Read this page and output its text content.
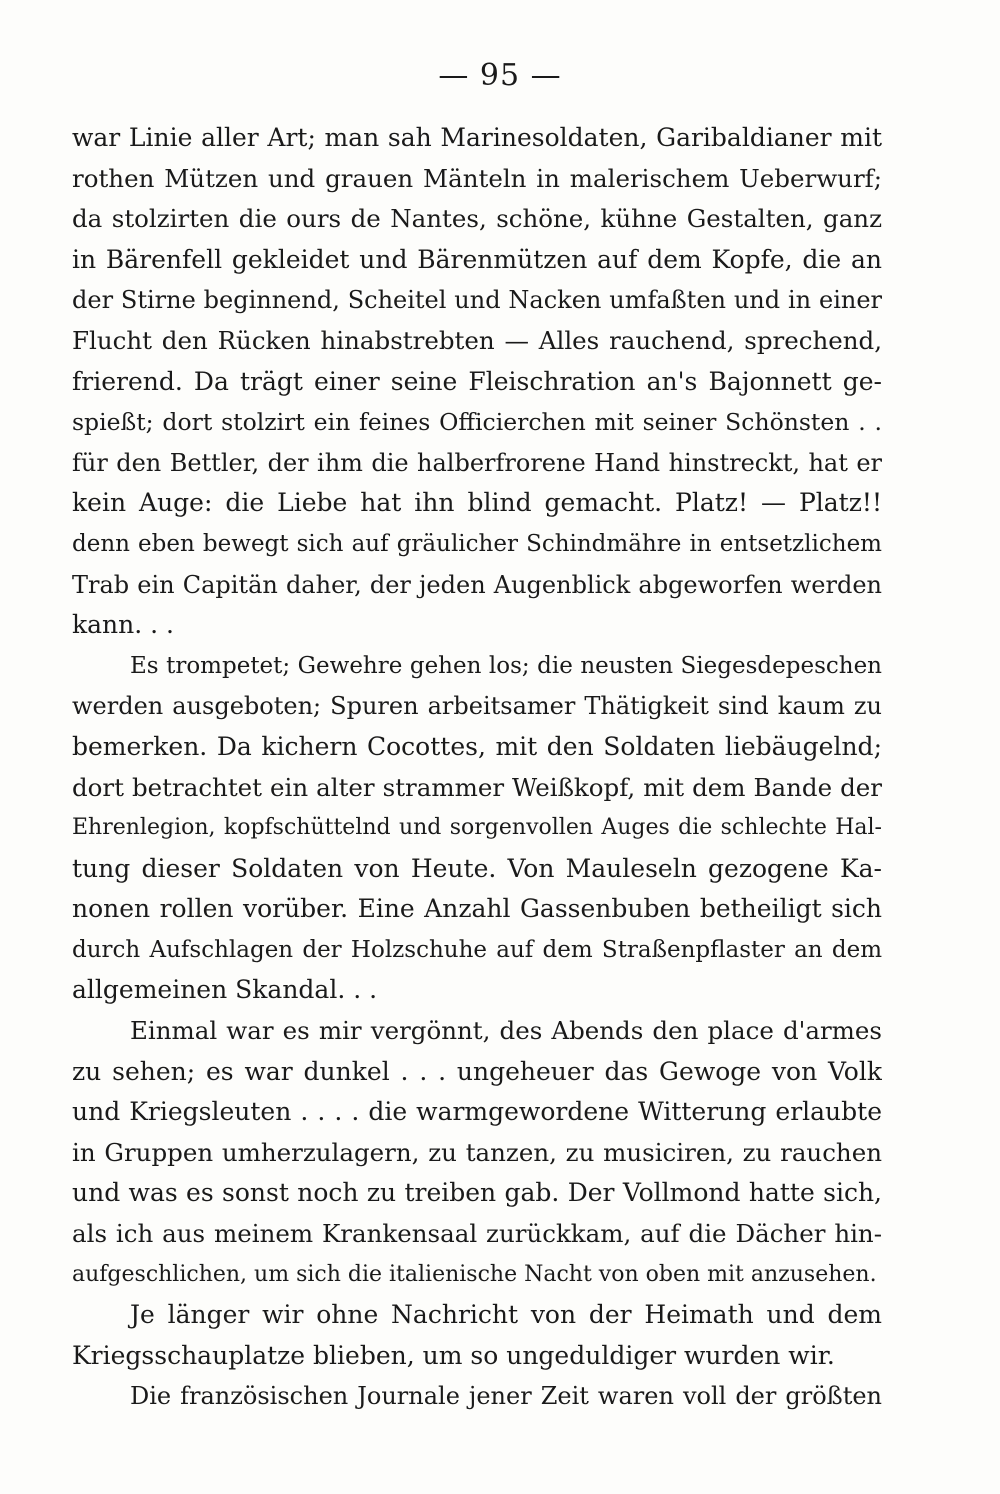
— 95 —
war Linie aller Art; man sah Marinesoldaten, Garibaldianer mit
rothen Mützen und grauen Mänteln in malerischem Ueberwurf;
da stolzirten die ours de Nantes, schöne, kühne Gestalten, ganz
in Bärenfell gekleidet und Bärenmützen auf dem Kopfe, die an
der Stirne beginnend, Scheitel und Nacken umfaßten und in einer
Flucht den Rücken hinabstrebten — Alles rauchend, sprechend,
frierend. Da trägt einer seine Fleischration an's Bajonnett ge-
spießt; dort stolzirt ein feines Officierchen mit seiner Schönsten . .
für den Bettler, der ihm die halberfrorene Hand hinstreckt, hat er
kein Auge: die Liebe hat ihn blind gemacht. Platz! — Platz!!
denn eben bewegt sich auf gräulicher Schindmähre in entsetzlichem
Trab ein Capitän daher, der jeden Augenblick abgeworfen werden
kann. . .
Es trompetet; Gewehre gehen los; die neusten Siegesdepeschen
werden ausgeboten; Spuren arbeitsamer Thätigkeit sind kaum zu
bemerken. Da kichern Cocottes, mit den Soldaten liebäugelnd;
dort betrachtet ein alter strammer Weißkopf, mit dem Bande der
Ehrenlegion, kopfschüttelnd und sorgenvollen Auges die schlechte Hal-
tung dieser Soldaten von Heute. Von Mauleseln gezogene Ka-
nonen rollen vorüber. Eine Anzahl Gassenbuben betheiligt sich
durch Aufschlagen der Holzschuhe auf dem Straßenpflaster an dem
allgemeinen Skandal. . .
Einmal war es mir vergönnt, des Abends den place d'armes
zu sehen; es war dunkel . . . ungeheuer das Gewoge von Volk
und Kriegsleuten . . . . die warmgewordene Witterung erlaubte
in Gruppen umherzulagern, zu tanzen, zu musiciren, zu rauchen
und was es sonst noch zu treiben gab. Der Vollmond hatte sich,
als ich aus meinem Krankensaal zurückkam, auf die Dächer hin-
aufgeschlichen, um sich die italienische Nacht von oben mit anzusehen.
Je länger wir ohne Nachricht von der Heimath und dem
Kriegsschauplatze blieben, um so ungeduldiger wurden wir.
Die französischen Journale jener Zeit waren voll der größten
